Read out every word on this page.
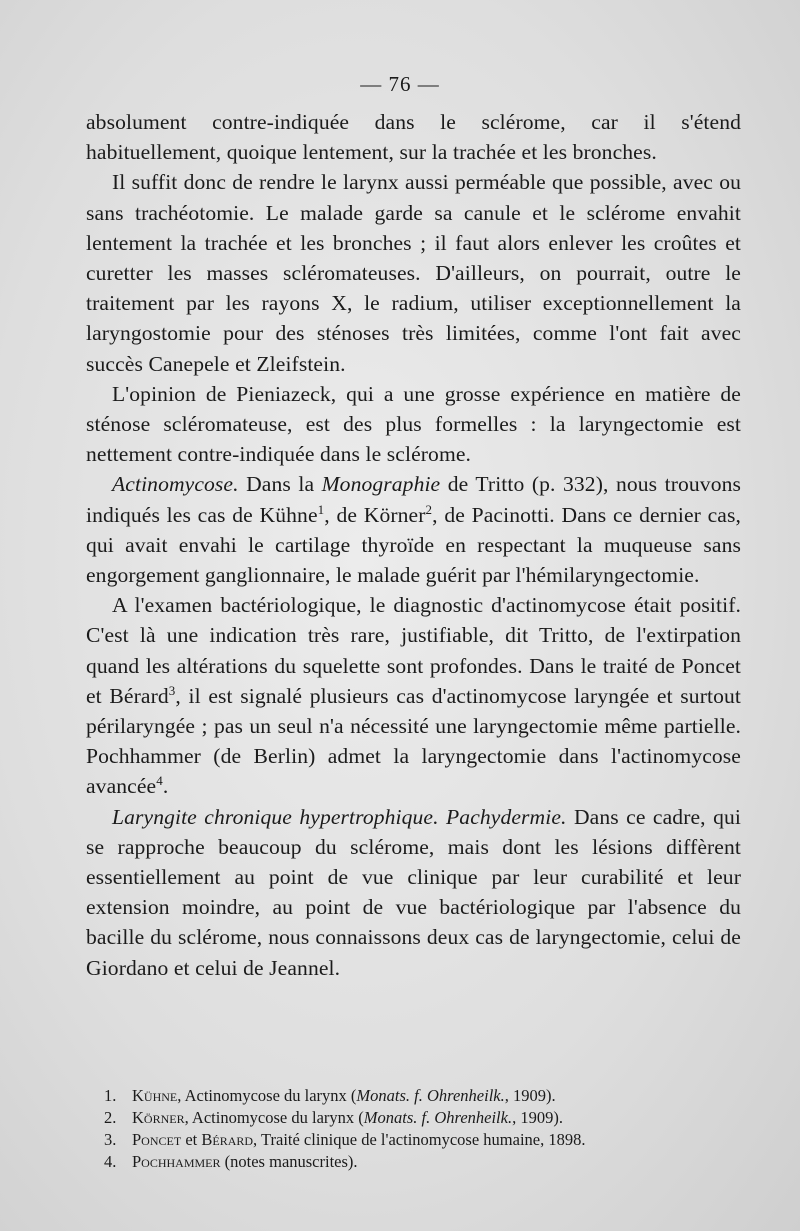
— 76 —

absolument contre-indiquée dans le sclérome, car il s'étend habituellement, quoique lentement, sur la trachée et les bronches.

Il suffit donc de rendre le larynx aussi perméable que possible, avec ou sans trachéotomie. Le malade garde sa canule et le sclérome envahit lentement la trachée et les bronches ; il faut alors enlever les croûtes et curetter les masses scléromateuses. D'ailleurs, on pourrait, outre le traitement par les rayons X, le radium, utiliser exceptionnellement la laryngostomie pour des sténoses très limitées, comme l'ont fait avec succès Canepele et Zleifstein.

L'opinion de Pieniazeck, qui a une grosse expérience en matière de sténose scléromateuse, est des plus formelles : la laryngectomie est nettement contre-indiquée dans le sclérome.

Actinomycose. Dans la Monographie de Tritto (p. 332), nous trouvons indiqués les cas de Kühne$^1$, de Körner$^2$, de Pacinotti. Dans ce dernier cas, qui avait envahi le cartilage thyroïde en respectant la muqueuse sans engorgement ganglionnaire, le malade guérit par l'hémilaryngectomie.

A l'examen bactériologique, le diagnostic d'actinomycose était positif. C'est là une indication très rare, justifiable, dit Tritto, de l'extirpation quand les altérations du squelette sont profondes. Dans le traité de Poncet et Bérard$^3$, il est signalé plusieurs cas d'actinomycose laryngée et surtout périlaryngée ; pas un seul n'a nécessité une laryngectomie même partielle. Pochhammer (de Berlin) admet la laryngectomie dans l'actinomycose avancée$^4$.

Laryngite chronique hypertrophique. Pachydermie. Dans ce cadre, qui se rapproche beaucoup du sclérome, mais dont les lésions diffèrent essentiellement au point de vue clinique par leur curabilité et leur extension moindre, au point de vue bactériologique par l'absence du bacille du sclérome, nous connaissons deux cas de laryngectomie, celui de Giordano et celui de Jeannel.

1. Kühne, Actinomycose du larynx (Monats. f. Ohrenheilk., 1909).
2. Körner, Actinomycose du larynx (Monats. f. Ohrenheilk., 1909).
3. Poncet et Bérard, Traité clinique de l'actinomycose humaine, 1898.
4. Pochhammer (notes manuscrites).
